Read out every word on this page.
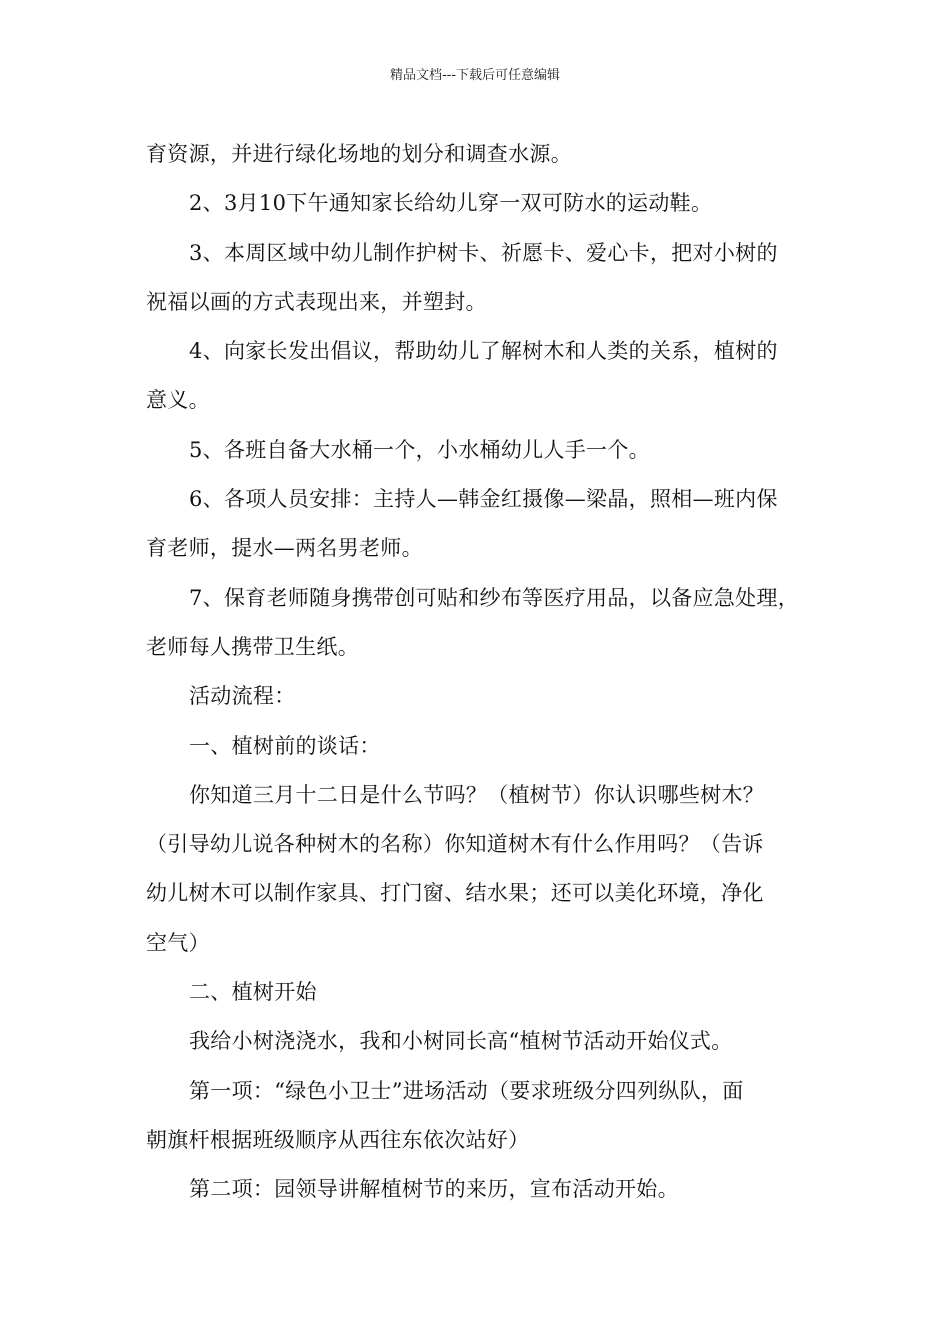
精品文档---下载后可任意编辑
育资源，并进行绿化场地的划分和调查水源。
2、3月10下午通知家长给幼儿穿一双可防水的运动鞋。
3、本周区域中幼儿制作护树卡、祈愿卡、爱心卡，把对小树的
祝福以画的方式表现出来，并塑封。
4、向家长发出倡议，帮助幼儿了解树木和人类的关系，植树的
意义。
5、各班自备大水桶一个，小水桶幼儿人手一个。
6、各项人员安排：主持人—韩金红摄像—梁晶，照相—班内保
育老师，提水—两名男老师。
7、保育老师随身携带创可贴和纱布等医疗用品，以备应急处理，
老师每人携带卫生纸。
活动流程：
一、植树前的谈话：
你知道三月十二日是什么节吗？（植树节）你认识哪些树木？
（引导幼儿说各种树木的名称）你知道树木有什么作用吗？（告诉
幼儿树木可以制作家具、打门窗、结水果；还可以美化环境，净化
空气）
二、植树开始
我给小树浇浇水，我和小树同长高“植树节活动开始仪式。
第一项：“绿色小卫士”进场活动（要求班级分四列纵队，面
朝旗杆根据班级顺序从西往东依次站好）
第二项：园领导讲解植树节的来历，宣布活动开始。
